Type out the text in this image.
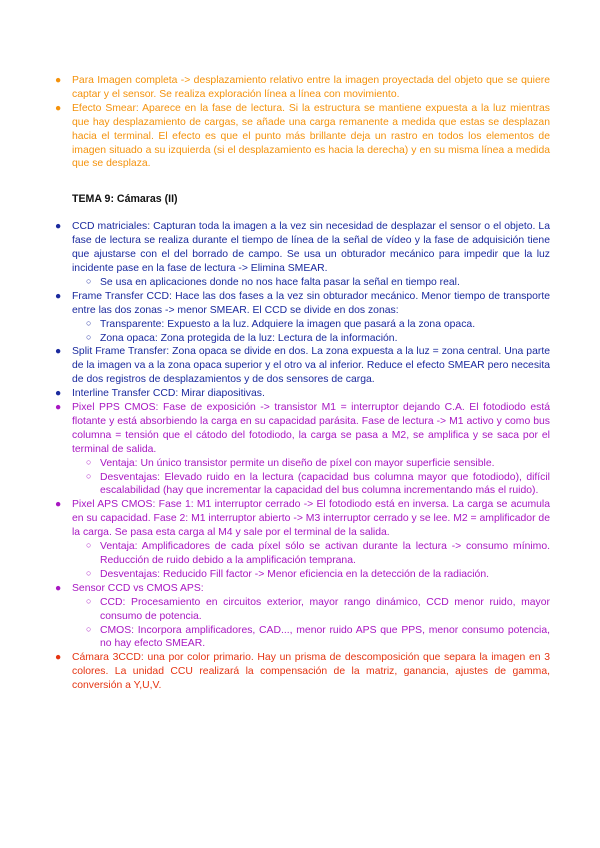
● Para Imagen completa -> desplazamiento relativo entre la imagen proyectada del objeto que se quiere captar y el sensor. Se realiza exploración línea a línea con movimiento.
● Efecto Smear: Aparece en la fase de lectura. Si la estructura se mantiene expuesta a la luz mientras que hay desplazamiento de cargas, se añade una carga remanente a medida que estas se desplazan hacia el terminal. El efecto es que el punto más brillante deja un rastro en todos los elementos de imagen situado a su izquierda (si el desplazamiento es hacia la derecha) y en su misma línea a medida que se desplaza.
TEMA 9: Cámaras (II)
● CCD matriciales: Capturan toda la imagen a la vez sin necesidad de desplazar el sensor o el objeto. La fase de lectura se realiza durante el tiempo de línea de la señal de vídeo y la fase de adquisición tiene que ajustarse con el del borrado de campo. Se usa un obturador mecánico para impedir que la luz incidente pase en la fase de lectura -> Elimina SMEAR.
○ Se usa en aplicaciones donde no nos hace falta pasar la señal en tiempo real.
● Frame Transfer CCD: Hace las dos fases a la vez sin obturador mecánico. Menor tiempo de transporte entre las dos zonas -> menor SMEAR. El CCD se divide en dos zonas:
○ Transparente: Expuesto a la luz. Adquiere la imagen que pasará a la zona opaca.
○ Zona opaca: Zona protegida de la luz: Lectura de la información.
● Split Frame Transfer: Zona opaca se divide en dos. La zona expuesta a la luz = zona central. Una parte de la imagen va a la zona opaca superior y el otro va al inferior. Reduce el efecto SMEAR pero necesita de dos registros de desplazamientos y de dos sensores de carga.
● Interline Transfer CCD: Mirar diapositivas.
● Pixel PPS CMOS: Fase de exposición -> transistor M1 = interruptor dejando C.A. El fotodiodo está flotante y está absorbiendo la carga en su capacidad parásita. Fase de lectura -> M1 activo y como bus columna = tensión que el cátodo del fotodiodo, la carga se pasa a M2, se amplifica y se saca por el terminal de salida.
○ Ventaja: Un único transistor permite un diseño de píxel con mayor superficie sensible.
○ Desventajas: Elevado ruido en la lectura (capacidad bus columna mayor que fotodiodo), difícil escalabilidad (hay que incrementar la capacidad del bus columna incrementando más el ruido).
● Pixel APS CMOS: Fase 1: M1 interruptor cerrado -> El fotodiodo está en inversa. La carga se acumula en su capacidad. Fase 2: M1 interruptor abierto -> M3 interruptor cerrado y se lee. M2 = amplificador de la carga. Se pasa esta carga al M4 y sale por el terminal de la salida.
○ Ventaja: Amplificadores de cada píxel sólo se activan durante la lectura -> consumo mínimo. Reducción de ruido debido a la amplificación temprana.
○ Desventajas: Reducido Fill factor -> Menor eficiencia en la detección de la radiación.
● Sensor CCD vs CMOS APS:
○ CCD: Procesamiento en circuitos exterior, mayor rango dinámico, CCD menor ruido, mayor consumo de potencia.
○ CMOS: Incorpora amplificadores, CAD..., menor ruido APS que PPS, menor consumo potencia, no hay efecto SMEAR.
● Cámara 3CCD: una por color primario. Hay un prisma de descomposición que separa la imagen en 3 colores. La unidad CCU realizará la compensación de la matriz, ganancia, ajustes de gamma, conversión a Y,U,V.
